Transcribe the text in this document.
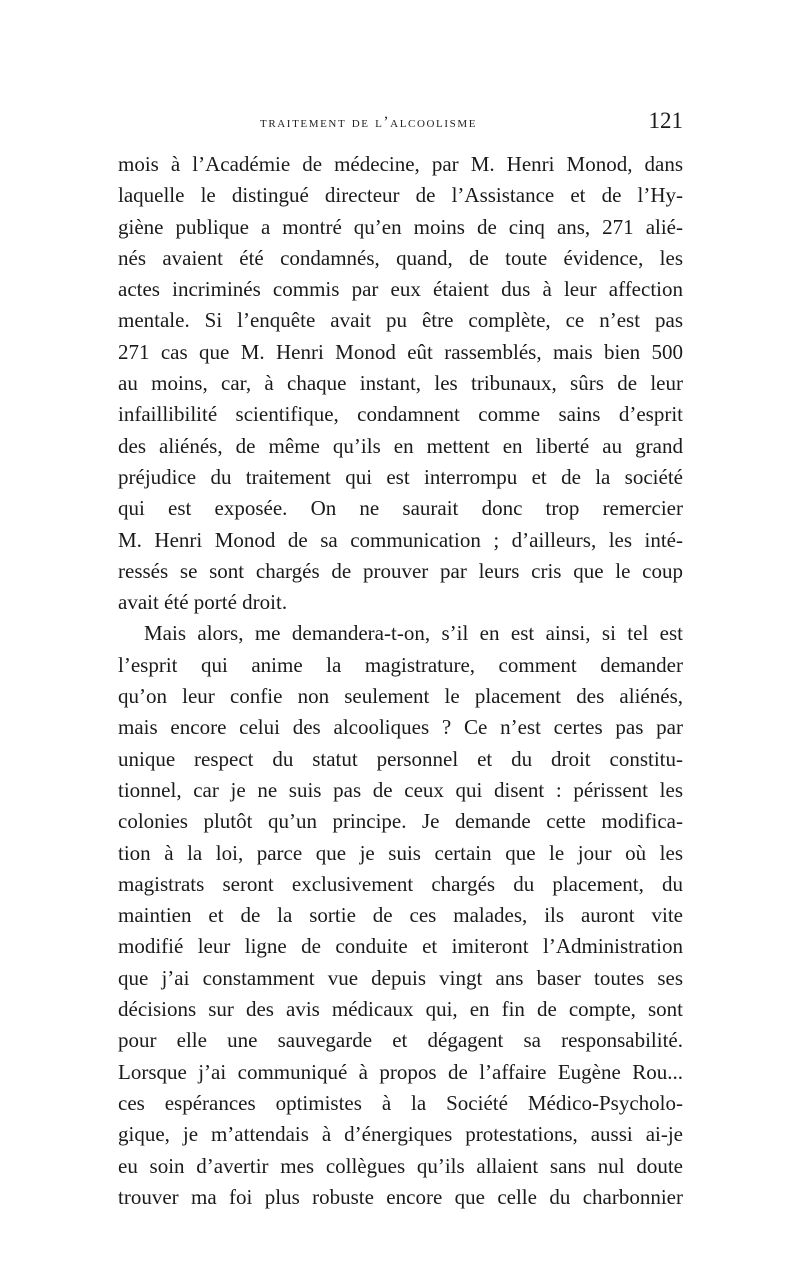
traitement de l’alcoolisme	121
mois à l’Académie de médecine, par M. Henri Monod, dans
laquelle le distingué directeur de l’Assistance et de l’Hy-
giène publique a montré qu’en moins de cinq ans, 271 alié-
nés avaient été condamnés, quand, de toute évidence, les
actes incriminés commis par eux étaient dus à leur affection
mentale. Si l’enquête avait pu être complète, ce n’est pas
271 cas que M. Henri Monod eût rassemblés, mais bien 500
au moins, car, à chaque instant, les tribunaux, sûrs de leur
infaillibilité scientifique, condamnent comme sains d’esprit
des aliénés, de même qu’ils en mettent en liberté au grand
préjudice du traitement qui est interrompu et de la société
qui est exposée. On ne saurait donc trop remercier
M. Henri Monod de sa communication ; d’ailleurs, les inté-
ressés se sont chargés de prouver par leurs cris que le coup
avait été porté droit.
Mais alors, me demandera-t-on, s’il en est ainsi, si tel est
l’esprit qui anime la magistrature, comment demander
qu’on leur confie non seulement le placement des aliénés,
mais encore celui des alcooliques ? Ce n’est certes pas par
unique respect du statut personnel et du droit constitu-
tionnel, car je ne suis pas de ceux qui disent : périssent les
colonies plutôt qu’un principe. Je demande cette modifica-
tion à la loi, parce que je suis certain que le jour où les
magistrats seront exclusivement chargés du placement, du
maintien et de la sortie de ces malades, ils auront vite
modifié leur ligne de conduite et imiteront l’Administration
que j’ai constamment vue depuis vingt ans baser toutes ses
décisions sur des avis médicaux qui, en fin de compte, sont
pour elle une sauvegarde et dégagent sa responsabilité.
Lorsque j’ai communiqué à propos de l’affaire Eugène Rou...
ces espérances optimistes à la Société Médico-Psycholo-
gique, je m’attendais à d’énergiques protestations, aussi ai-je
eu soin d’avertir mes collègues qu’ils allaient sans nul doute
trouver ma foi plus robuste encore que celle du charbonnier
